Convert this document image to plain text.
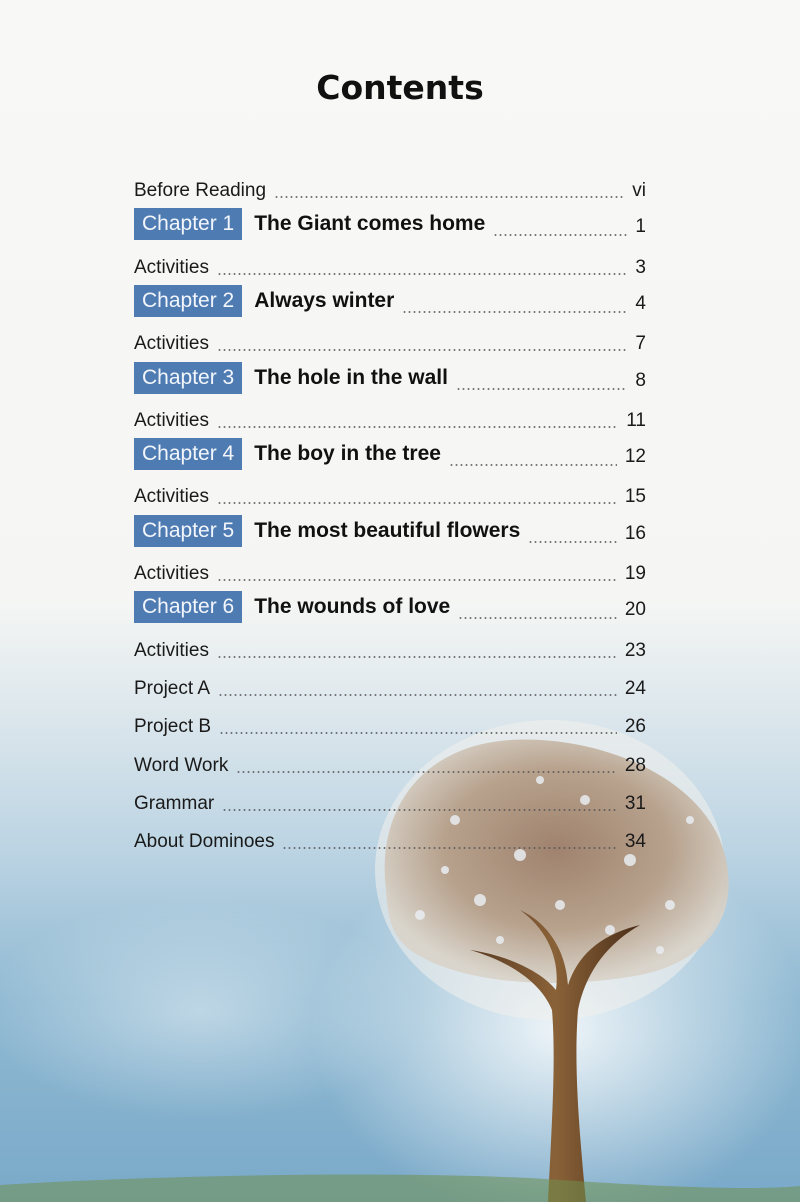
Contents
Before Reading	vi
Chapter 1 The Giant comes home	1
Activities	3
Chapter 2 Always winter	4
Activities	7
Chapter 3 The hole in the wall	8
Activities	11
Chapter 4 The boy in the tree	12
Activities	15
Chapter 5 The most beautiful flowers	16
Activities	19
Chapter 6 The wounds of love	20
Activities	23
Project A	24
Project B	26
Word Work	28
Grammar	31
About Dominoes	34
